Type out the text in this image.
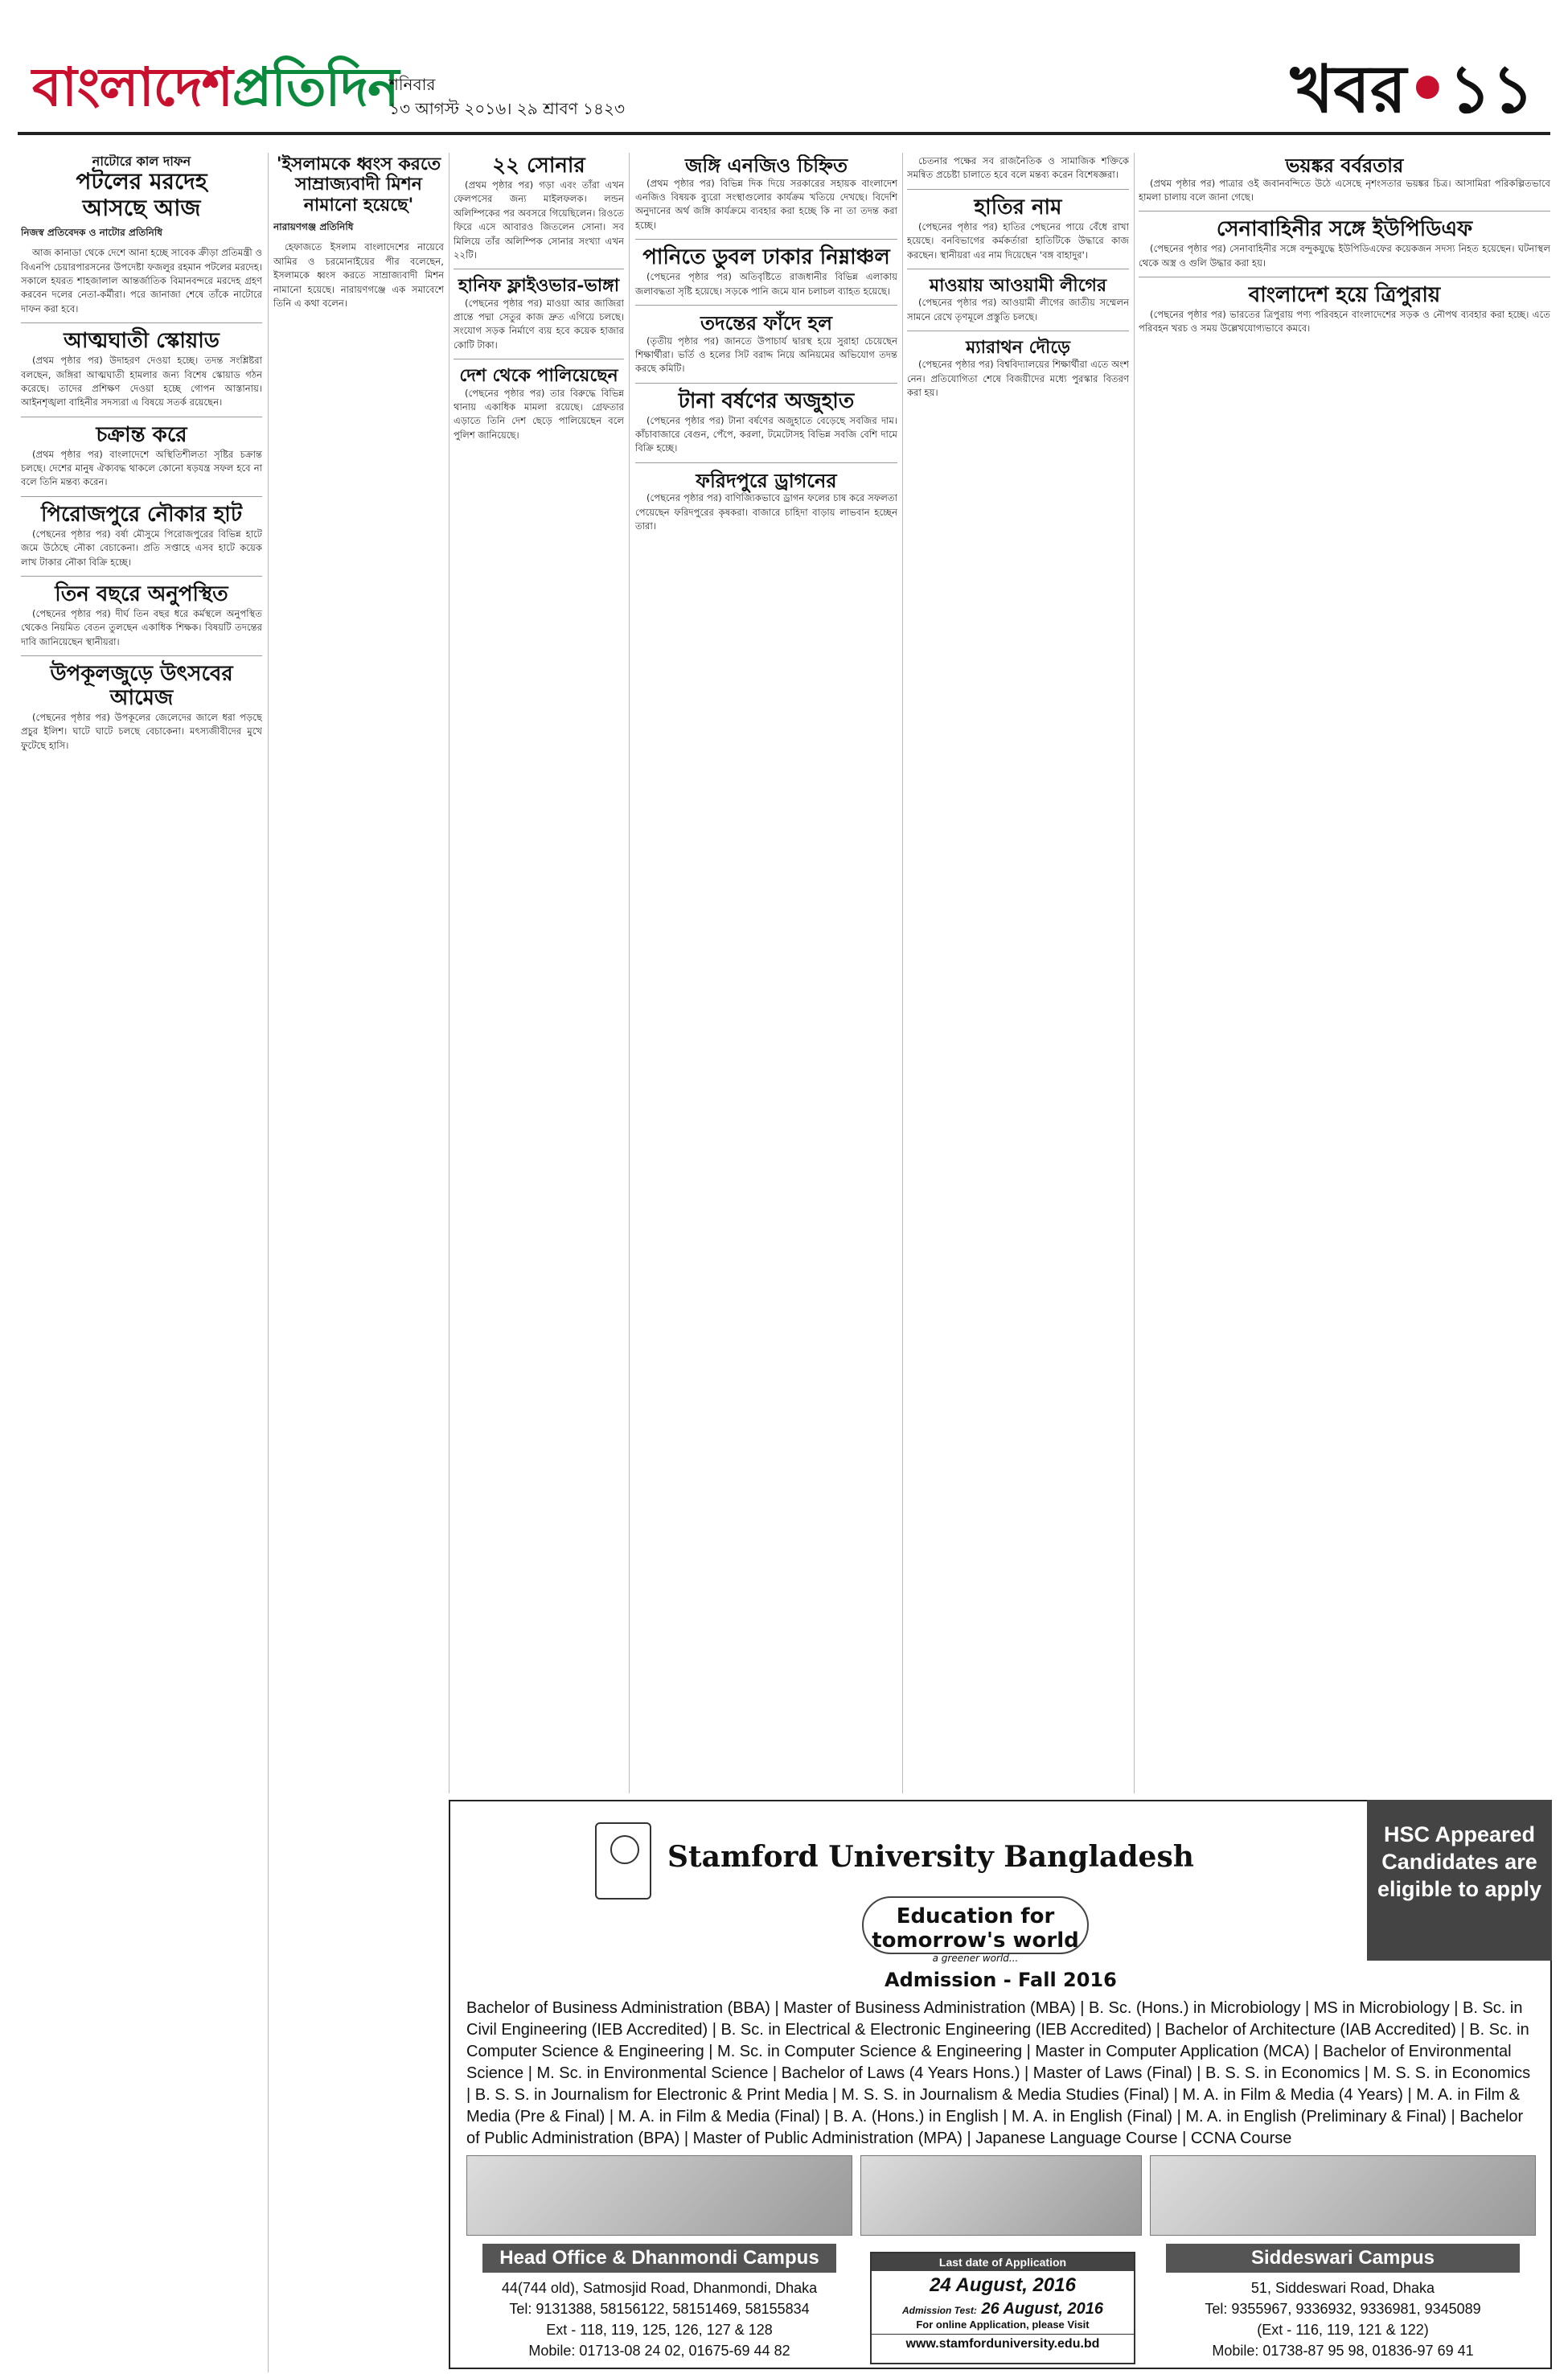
বাংলাদেশপ্রতিদিন
শনিবার
১৩ আগস্ট ২০১৬। ২৯ শ্রাবণ ১৪২৩	খবর•১১
নাটোরে কাল দাফন
পটলের মরদেহ
আসছে আজ
নিজস্ব প্রতিবেদক ও নাটোর প্রতিনিধি

আজ কানাডা থেকে দেশে আনা হচ্ছে সাবেক ক্রীড়া প্রতিমন্ত্রী ও বিএনপি চেয়ারপারসনের উপদেষ্টা ফজলুর রহমান পটলের মরদেহ। সকালে হযরত শাহজালাল আন্তর্জাতিক বিমানবন্দরে মরদেহ গ্রহণ করবেন দলের নেতা-কর্মীরা। পরে জানাজা শেষে তাঁকে নাটোরে দাফন করা হবে।

আত্মঘাতী স্কোয়াড

(প্রথম পৃষ্ঠার পর) উদাহরণ দেওয়া হচ্ছে। তদন্ত সংশ্লিষ্টরা বলছেন, জঙ্গিরা আত্মঘাতী হামলার জন্য বিশেষ স্কোয়াড গঠন করেছে। তাদের প্রশিক্ষণ দেওয়া হচ্ছে গোপন আস্তানায়। আইনশৃঙ্খলা বাহিনীর সদস্যরা এ বিষয়ে সতর্ক রয়েছেন।

চক্রান্ত করে

(প্রথম পৃষ্ঠার পর) বাংলাদেশে অস্থিতিশীলতা সৃষ্টির চক্রান্ত চলছে। দেশের মানুষ ঐক্যবদ্ধ থাকলে কোনো ষড়যন্ত্র সফল হবে না বলে তিনি মন্তব্য করেন।

পিরোজপুরে নৌকার হাট

(পেছনের পৃষ্ঠার পর) বর্ষা মৌসুমে পিরোজপুরের বিভিন্ন হাটে জমে উঠেছে নৌকা বেচাকেনা। প্রতি সপ্তাহে এসব হাটে কয়েক লাখ টাকার নৌকা বিক্রি হচ্ছে।

তিন বছরে অনুপস্থিত

(পেছনের পৃষ্ঠার পর) দীর্ঘ তিন বছর ধরে কর্মস্থলে অনুপস্থিত থেকেও নিয়মিত বেতন তুলছেন একাধিক শিক্ষক। বিষয়টি তদন্তের দাবি জানিয়েছেন স্থানীয়রা।

উপকূলজুড়ে উৎসবের আমেজ

(পেছনের পৃষ্ঠার পর) উপকূলের জেলেদের জালে ধরা পড়ছে প্রচুর ইলিশ। ঘাটে ঘাটে চলছে বেচাকেনা। মৎস্যজীবীদের মুখে ফুটেছে হাসি।

'ইসলামকে ধ্বংস করতে
সাম্রাজ্যবাদী মিশন
নামানো হয়েছে'
নারায়ণগঞ্জ প্রতিনিধি

হেফাজতে ইসলাম বাংলাদেশের নায়েবে আমির ও চরমোনাইয়ের পীর বলেছেন, ইসলামকে ধ্বংস করতে সাম্রাজ্যবাদী মিশন নামানো হয়েছে। নারায়ণগঞ্জে এক সমাবেশে তিনি এ কথা বলেন।

২২ সোনার

(প্রথম পৃষ্ঠার পর) গড়া এবং তাঁরা এখন ফেলপসের জন্য মাইলফলক। লন্ডন অলিম্পিকের পর অবসরে গিয়েছিলেন। রিওতে ফিরে এসে আবারও জিতলেন সোনা। সব মিলিয়ে তাঁর অলিম্পিক সোনার সংখ্যা এখন ২২টি।

হানিফ ফ্লাইওভার-ভাঙ্গা

(পেছনের পৃষ্ঠার পর) মাওয়া আর জাজিরা প্রান্তে পদ্মা সেতুর কাজ দ্রুত এগিয়ে চলছে। সংযোগ সড়ক নির্মাণে ব্যয় হবে কয়েক হাজার কোটি টাকা।

দেশ থেকে পালিয়েছেন

(পেছনের পৃষ্ঠার পর) তার বিরুদ্ধে বিভিন্ন থানায় একাধিক মামলা রয়েছে। গ্রেফতার এড়াতে তিনি দেশ ছেড়ে পালিয়েছেন বলে পুলিশ জানিয়েছে।

জঙ্গি এনজিও চিহ্নিত

(প্রথম পৃষ্ঠার পর) বিভিন্ন দিক দিয়ে সরকারের সহায়ক বাংলাদেশ এনজিও বিষয়ক ব্যুরো সংস্থাগুলোর কার্যক্রম খতিয়ে দেখছে। বিদেশি অনুদানের অর্থ জঙ্গি কার্যক্রমে ব্যবহার করা হচ্ছে কি না তা তদন্ত করা হচ্ছে।

পানিতে ডুবল ঢাকার নিম্নাঞ্চল

(পেছনের পৃষ্ঠার পর) অতিবৃষ্টিতে রাজধানীর বিভিন্ন এলাকায় জলাবদ্ধতা সৃষ্টি হয়েছে। সড়কে পানি জমে যান চলাচল ব্যাহত হয়েছে।

তদন্তের ফাঁদে হল

(তৃতীয় পৃষ্ঠার পর) জানতে উপাচার্য দ্বারস্থ হয়ে সুরাহা চেয়েছেন শিক্ষার্থীরা। ভর্তি ও হলের সিট বরাদ্দ নিয়ে অনিয়মের অভিযোগ তদন্ত করছে কমিটি।

টানা বর্ষণের অজুহাত

(পেছনের পৃষ্ঠার পর) টানা বর্ষণের অজুহাতে বেড়েছে সবজির দাম। কাঁচাবাজারে বেগুন, পেঁপে, করলা, টমেটোসহ বিভিন্ন সবজি বেশি দামে বিক্রি হচ্ছে।

ফরিদপুরে ড্রাগনের

(পেছনের পৃষ্ঠার পর) বাণিজ্যিকভাবে ড্রাগন ফলের চাষ করে সফলতা পেয়েছেন ফরিদপুরের কৃষকরা। বাজারে চাহিদা বাড়ায় লাভবান হচ্ছেন তারা।

চেতনার পক্ষের সব রাজনৈতিক ও সামাজিক শক্তিকে সমন্বিত প্রচেষ্টা চালাতে হবে বলে মন্তব্য করেন বিশেষজ্ঞরা।

হাতির নাম

(পেছনের পৃষ্ঠার পর) হাতির পেছনের পায়ে বেঁধে রাখা হয়েছে। বনবিভাগের কর্মকর্তারা হাতিটিকে উদ্ধারে কাজ করছেন। স্থানীয়রা এর নাম দিয়েছেন 'বঙ্গ বাহাদুর'।

মাওয়ায় আওয়ামী লীগের

(পেছনের পৃষ্ঠার পর) আওয়ামী লীগের জাতীয় সম্মেলন সামনে রেখে তৃণমূলে প্রস্তুতি চলছে।

ম্যারাথন দৌড়ে

(পেছনের পৃষ্ঠার পর) বিশ্ববিদ্যালয়ের শিক্ষার্থীরা এতে অংশ নেন। প্রতিযোগিতা শেষে বিজয়ীদের মধ্যে পুরস্কার বিতরণ করা হয়।

ভয়ঙ্কর বর্বরতার

(প্রথম পৃষ্ঠার পর) পাত্রার ওই জবানবন্দিতে উঠে এসেছে নৃশংসতার ভয়ঙ্কর চিত্র। আসামিরা পরিকল্পিতভাবে হামলা চালায় বলে জানা গেছে।

সেনাবাহিনীর সঙ্গে ইউপিডিএফ

(পেছনের পৃষ্ঠার পর) সেনাবাহিনীর সঙ্গে বন্দুকযুদ্ধে ইউপিডিএফের কয়েকজন সদস্য নিহত হয়েছেন। ঘটনাস্থল থেকে অস্ত্র ও গুলি উদ্ধার করা হয়।

বাংলাদেশ হয়ে ত্রিপুরায়

(পেছনের পৃষ্ঠার পর) ভারতের ত্রিপুরায় পণ্য পরিবহনে বাংলাদেশের সড়ক ও নৌপথ ব্যবহার করা হচ্ছে। এতে পরিবহন খরচ ও সময় উল্লেখযোগ্যভাবে কমবে।

Stamford University Bangladesh
HSC Appeared Candidates are eligible to apply
Education for tomorrow's world
a greener world...
Admission - Fall 2016
Bachelor of Business Administration (BBA) | Master of Business Administration (MBA) | B. Sc. (Hons.) in Microbiology | MS in Microbiology | B. Sc. in Civil Engineering (IEB Accredited) | B. Sc. in Electrical & Electronic Engineering (IEB Accredited) | Bachelor of Architecture (IAB Accredited) | B. Sc. in Computer Science & Engineering | M. Sc. in Computer Science & Engineering | Master in Computer Application (MCA) | Bachelor of Environmental Science | M. Sc. in Environmental Science | Bachelor of Laws (4 Years Hons.) | Master of Laws (Final) | B. S. S. in Economics | M. S. S. in Economics | B. S. S. in Journalism for Electronic & Print Media | M. S. S. in Journalism & Media Studies (Final) | M. A. in Film & Media (4 Years) | M. A. in Film & Media (Pre & Final) | M. A. in Film & Media (Final) | B. A. (Hons.) in English | M. A. in English (Final) | M. A. in English (Preliminary & Final) | Bachelor of Public Administration (BPA) | Master of Public Administration (MPA) | Japanese Language Course | CCNA Course
Head Office & Dhanmondi Campus
44(744 old), Satmosjid Road, Dhanmondi, Dhaka
Tel: 9131388, 58156122, 58151469, 58155834
Ext - 118, 119, 125, 126, 127 & 128
Mobile: 01713-08 24 02, 01675-69 44 82
Last date of Application
24 August, 2016
Admission Test: 26 August, 2016
For online Application, please Visit
www.stamforduniversity.edu.bd
Siddeswari Campus
51, Siddeswari Road, Dhaka
Tel: 9355967, 9336932, 9336981, 9345089
(Ext - 116, 119, 121 & 122)
Mobile: 01738-87 95 98, 01836-97 69 41
